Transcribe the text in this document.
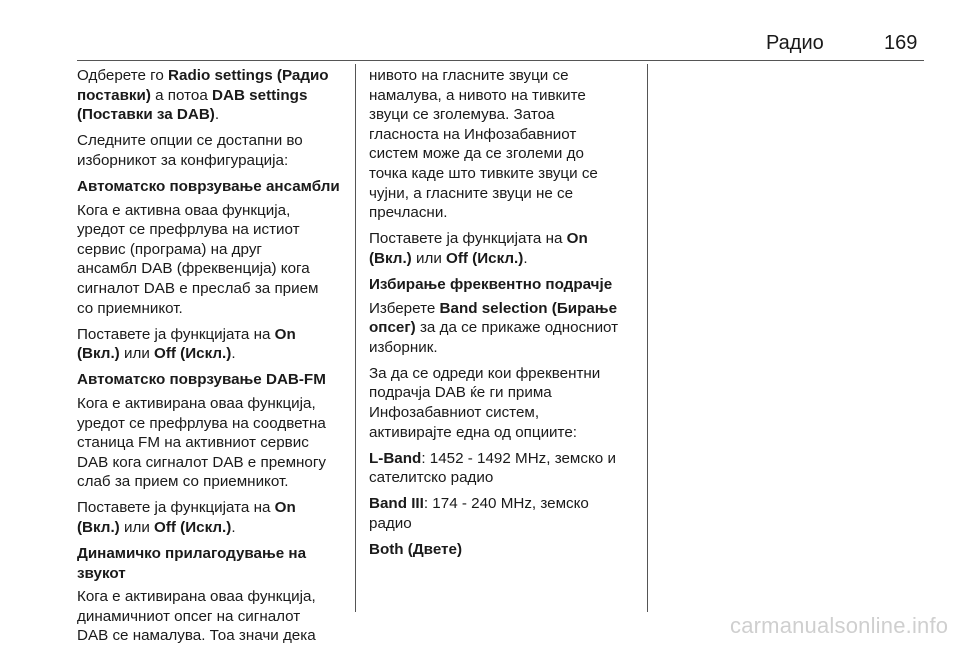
Радио	169

Одберете го Radio settings (Радио
поставки) а потоа DAB settings
(Поставки за DAB).

Следните опции се достапни во
изборникот за конфигурација:

Автоматско поврзување ансамбли

Кога е активна оваа функција,
уредот се префрлува на истиот
сервис (програма) на друг
ансамбл DAB (фреквенција) кога
сигналот DAB е преслаб за прием
со приемникот.

Поставете ја функцијата на On
(Вкл.) или Off (Искл.).

Автоматско поврзување DAB-FM

Кога е активирана оваа функција,
уредот се префрлува на соодветна
станица FM на активниот сервис
DAB кога сигналот DAB е премногу
слаб за прием со приемникот.

Поставете ја функцијата на On
(Вкл.) или Off (Искл.).

Динамичко прилагодување на
звукот

Кога е активирана оваа функција,
динамичниот опсег на сигналот
DAB се намалува. Тоа значи дека

нивото на гласните звуци се
намалува, а нивото на тивките
звуци се зголемува. Затоа
гласноста на Инфозабавниот
систем може да се зголеми до
точка каде што тивките звуци се
чујни, а гласните звуци не се
пречласни.

Поставете ја функцијата на On
(Вкл.) или Off (Искл.).

Избирање фреквентно подрачје

Изберете Band selection (Бирање
опсег) за да се прикаже односниот
изборник.

За да се одреди кои фреквентни
подрачја DAB ќе ги прима
Инфозабавниот систем,
активирајте една од опциите:

L-Band: 1452 - 1492 MHz, земско и
сателитско радио

Band III: 174 - 240 MHz, земско
радио

Both (Двете)

carmanualsonline.info
